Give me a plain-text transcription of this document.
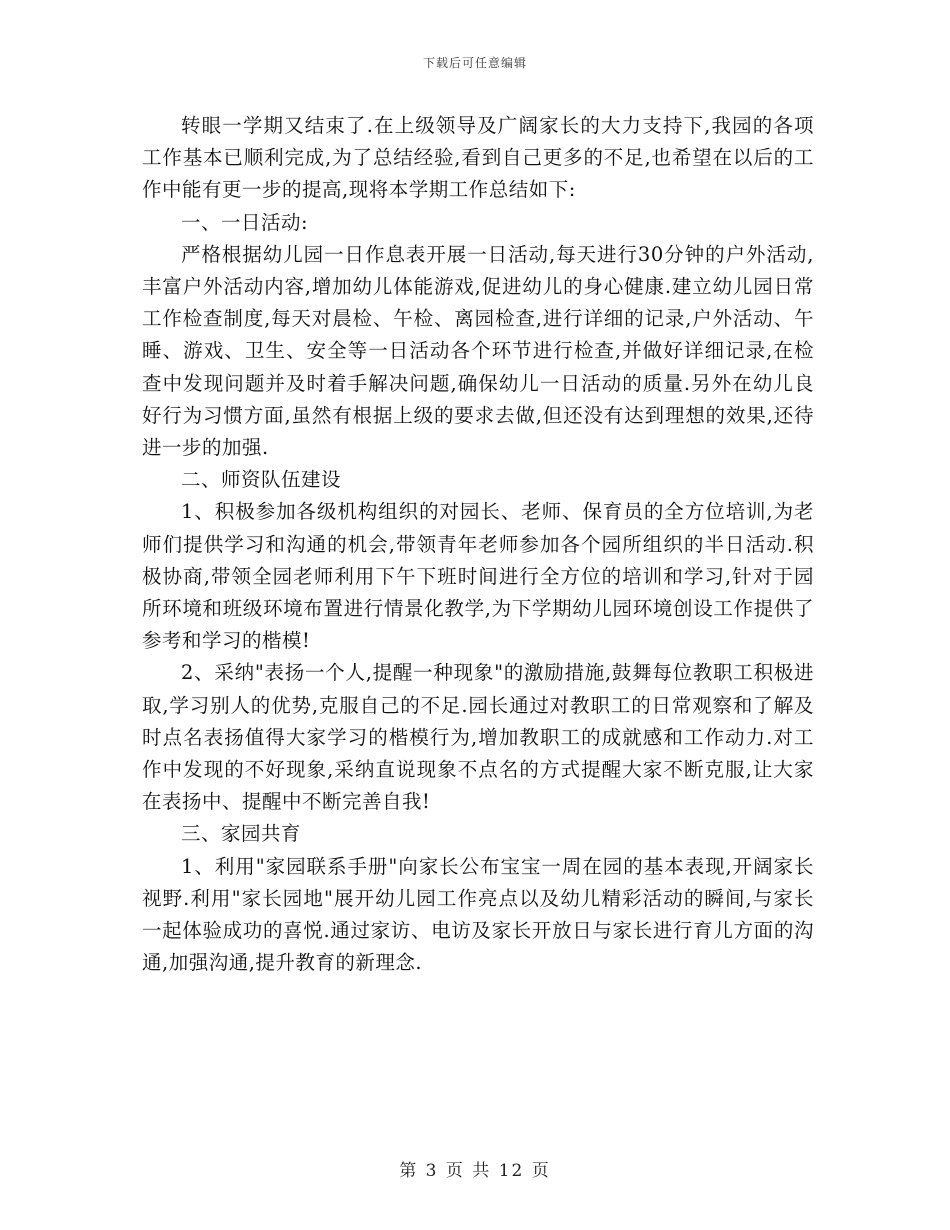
下载后可任意编辑

转眼一学期又结束了.在上级领导及广阔家长的大力支持下,我园的各项工作基本已顺利完成,为了总结经验,看到自己更多的不足,也希望在以后的工作中能有更一步的提高,现将本学期工作总结如下:

一、一日活动:

严格根据幼儿园一日作息表开展一日活动,每天进行30分钟的户外活动,丰富户外活动内容,增加幼儿体能游戏,促进幼儿的身心健康.建立幼儿园日常工作检查制度,每天对晨检、午检、离园检查,进行详细的记录,户外活动、午睡、游戏、卫生、安全等一日活动各个环节进行检查,并做好详细记录,在检查中发现问题并及时着手解决问题,确保幼儿一日活动的质量.另外在幼儿良好行为习惯方面,虽然有根据上级的要求去做,但还没有达到理想的效果,还待进一步的加强.

二、师资队伍建设

1、积极参加各级机构组织的对园长、老师、保育员的全方位培训,为老师们提供学习和沟通的机会,带领青年老师参加各个园所组织的半日活动.积极协商,带领全园老师利用下午下班时间进行全方位的培训和学习,针对于园所环境和班级环境布置进行情景化教学,为下学期幼儿园环境创设工作提供了参考和学习的楷模!

2、采纳"表扬一个人,提醒一种现象"的激励措施,鼓舞每位教职工积极进取,学习别人的优势,克服自己的不足.园长通过对教职工的日常观察和了解及时点名表扬值得大家学习的楷模行为,增加教职工的成就感和工作动力.对工作中发现的不好现象,采纳直说现象不点名的方式提醒大家不断克服,让大家在表扬中、提醒中不断完善自我!

三、家园共育

1、利用"家园联系手册"向家长公布宝宝一周在园的基本表现,开阔家长视野.利用"家长园地"展开幼儿园工作亮点以及幼儿精彩活动的瞬间,与家长一起体验成功的喜悦.通过家访、电访及家长开放日与家长进行育儿方面的沟通,加强沟通,提升教育的新理念.

第 3 页 共 12 页
